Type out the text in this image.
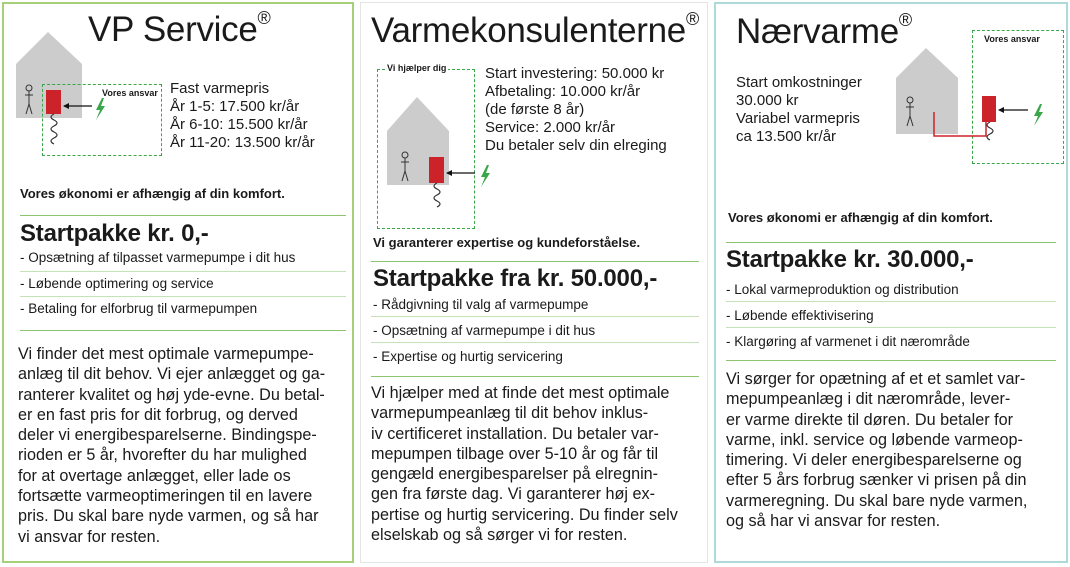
VP Service®
Vores ansvar Fast varmepris
År 1-5: 17.500 kr/år
År 6-10: 15.500 kr/år
År 11-20: 13.500 kr/år
Vores økonomi er afhængig af din komfort.
Startpakke kr. 0,-
- Opsætning af tilpasset varmepumpe i dit hus
- Løbende optimering og service
- Betaling for elforbrug til varmepumpen
Vi finder det mest optimale varmepumpe-
anlæg til dit behov. Vi ejer anlægget og ga-
ranterer kvalitet og høj yde-evne. Du betal-
er en fast pris for dit forbrug, og derved
deler vi energibesparelserne. Bindingspe-
rioden er 5 år, hvorefter du har mulighed
for at overtage anlægget, eller lade os
fortsætte varmeoptimeringen til en lavere
pris. Du skal bare nyde varmen, og så har
vi ansvar for resten.
Varmekonsulenterne®
Vi hjælper dig	Start investering: 50.000 kr
Afbetaling: 10.000 kr/år
(de første 8 år)
Service: 2.000 kr/år
Du betaler selv din elreging
Vi garanterer expertise og kundeforståelse.
Startpakke fra kr. 50.000,-
- Rådgivning til valg af varmepumpe
- Opsætning af varmepumpe i dit hus
- Expertise og hurtig servicering
Vi hjælper med at finde det mest optimale
varmepumpeanlæg til dit behov inklus-
iv certificeret installation. Du betaler var-
mepumpen tilbage over 5-10 år og får til
gengæld energibesparelser på elregnin-
gen fra første dag. Vi garanterer høj ex-
pertise og hurtig servicering. Du finder selv
elselskab og så sørger vi for resten.
Nærvarme®
Vores ansvar
Start omkostninger
30.000 kr
Variabel varmepris
ca 13.500 kr/år
Vores økonomi er afhængig af din komfort.
Startpakke kr. 30.000,-
- Lokal varmeproduktion og distribution
- Løbende effektivisering
- Klargøring af varmenet i dit nærområde
Vi sørger for opætning af et et samlet var-
mepumpeanlæg i dit nærområde, lever-
er varme direkte til døren. Du betaler for
varme, inkl. service og løbende varmeop-
timering. Vi deler energibesparelserne og
efter 5 års forbrug sænker vi prisen på din
varmeregning. Du skal bare nyde varmen,
og så har vi ansvar for resten.
